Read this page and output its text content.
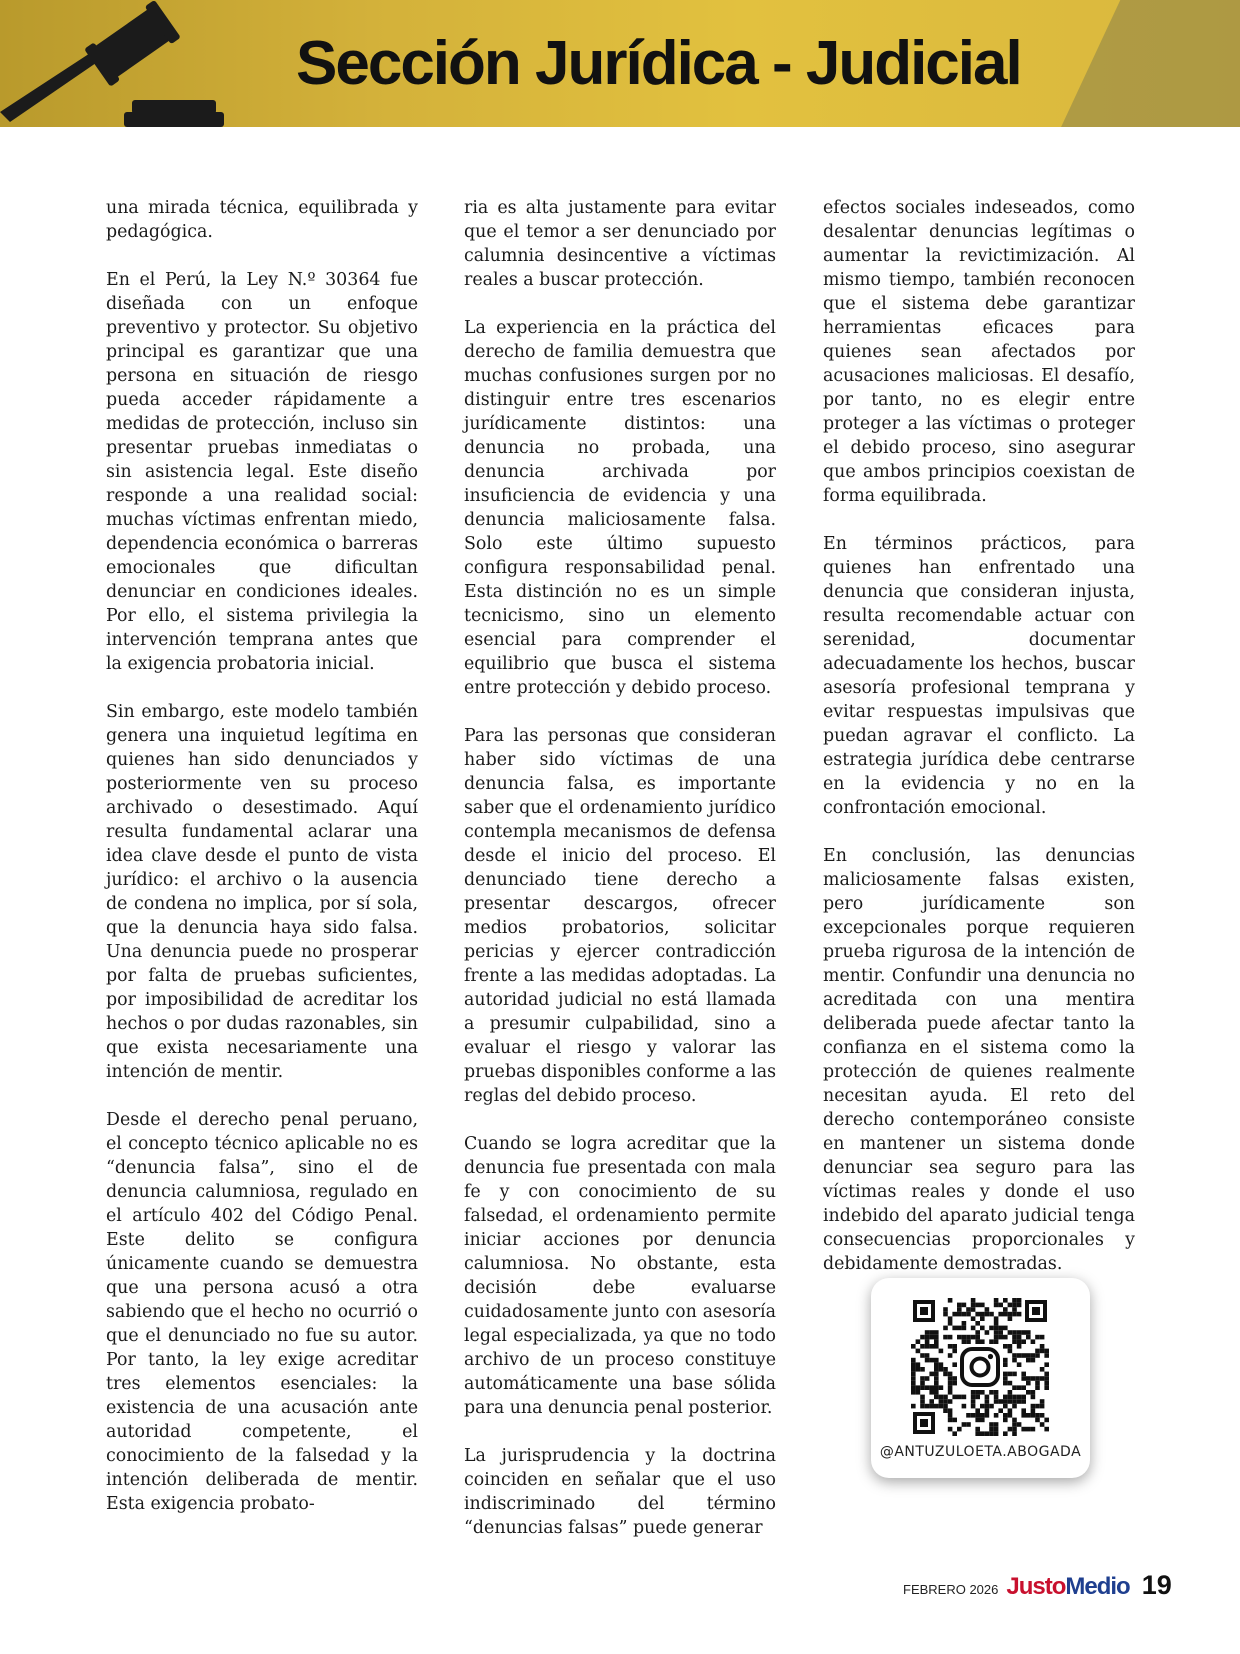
Sección Jurídica - Judicial

una mirada técnica, equilibrada y pedagógica.

En el Perú, la Ley N.º 30364 fue diseñada con un enfoque preventivo y protector. Su objetivo principal es garantizar que una persona en situación de riesgo pueda acceder rápidamente a medidas de protección, incluso sin presentar pruebas inmediatas o sin asistencia legal. Este diseño responde a una realidad social: muchas víctimas enfrentan miedo, dependencia económica o barreras emocionales que dificultan denunciar en condiciones ideales. Por ello, el sistema privilegia la intervención temprana antes que la exigencia probatoria inicial.

Sin embargo, este modelo también genera una inquietud legítima en quienes han sido denunciados y posteriormente ven su proceso archivado o desestimado. Aquí resulta fundamental aclarar una idea clave desde el punto de vista jurídico: el archivo o la ausencia de condena no implica, por sí sola, que la denuncia haya sido falsa. Una denuncia puede no prosperar por falta de pruebas suficientes, por imposibilidad de acreditar los hechos o por dudas razonables, sin que exista necesariamente una intención de mentir.

Desde el derecho penal peruano, el concepto técnico aplicable no es “denuncia falsa”, sino el de denuncia calumniosa, regulado en el artículo 402 del Código Penal. Este delito se configura únicamente cuando se demuestra que una persona acusó a otra sabiendo que el hecho no ocurrió o que el denunciado no fue su autor. Por tanto, la ley exige acreditar tres elementos esenciales: la existencia de una acusación ante autoridad competente, el conocimiento de la falsedad y la intención deliberada de mentir. Esta exigencia probato-

ria es alta justamente para evitar que el temor a ser denunciado por calumnia desincentive a víctimas reales a buscar protección.

La experiencia en la práctica del derecho de familia demuestra que muchas confusiones surgen por no distinguir entre tres escenarios jurídicamente distintos: una denuncia no probada, una denuncia archivada por insuficiencia de evidencia y una denuncia maliciosamente falsa. Solo este último supuesto configura responsabilidad penal. Esta distinción no es un simple tecnicismo, sino un elemento esencial para comprender el equilibrio que busca el sistema entre protección y debido proceso.

Para las personas que consideran haber sido víctimas de una denuncia falsa, es importante saber que el ordenamiento jurídico contempla mecanismos de defensa desde el inicio del proceso. El denunciado tiene derecho a presentar descargos, ofrecer medios probatorios, solicitar pericias y ejercer contradicción frente a las medidas adoptadas. La autoridad judicial no está llamada a presumir culpabilidad, sino a evaluar el riesgo y valorar las pruebas disponibles conforme a las reglas del debido proceso.

Cuando se logra acreditar que la denuncia fue presentada con mala fe y con conocimiento de su falsedad, el ordenamiento permite iniciar acciones por denuncia calumniosa. No obstante, esta decisión debe evaluarse cuidadosamente junto con asesoría legal especializada, ya que no todo archivo de un proceso constituye automáticamente una base sólida para una denuncia penal posterior.

La jurisprudencia y la doctrina coinciden en señalar que el uso indiscriminado del término “denuncias falsas” puede generar

efectos sociales indeseados, como desalentar denuncias legítimas o aumentar la revictimización. Al mismo tiempo, también reconocen que el sistema debe garantizar herramientas eficaces para quienes sean afectados por acusaciones maliciosas. El desafío, por tanto, no es elegir entre proteger a las víctimas o proteger el debido proceso, sino asegurar que ambos principios coexistan de forma equilibrada.

En términos prácticos, para quienes han enfrentado una denuncia que consideran injusta, resulta recomendable actuar con serenidad, documentar adecuadamente los hechos, buscar asesoría profesional temprana y evitar respuestas impulsivas que puedan agravar el conflicto. La estrategia jurídica debe centrarse en la evidencia y no en la confrontación emocional.

En conclusión, las denuncias maliciosamente falsas existen, pero jurídicamente son excepcionales porque requieren prueba rigurosa de la intención de mentir. Confundir una denuncia no acreditada con una mentira deliberada puede afectar tanto la confianza en el sistema como la protección de quienes realmente necesitan ayuda. El reto del derecho contemporáneo consiste en mantener un sistema donde denunciar sea seguro para las víctimas reales y donde el uso indebido del aparato judicial tenga consecuencias proporcionales y debidamente demostradas.

@ANTUZULOETA.ABOGADA
FEBRERO 2026 JustoMedio 19
